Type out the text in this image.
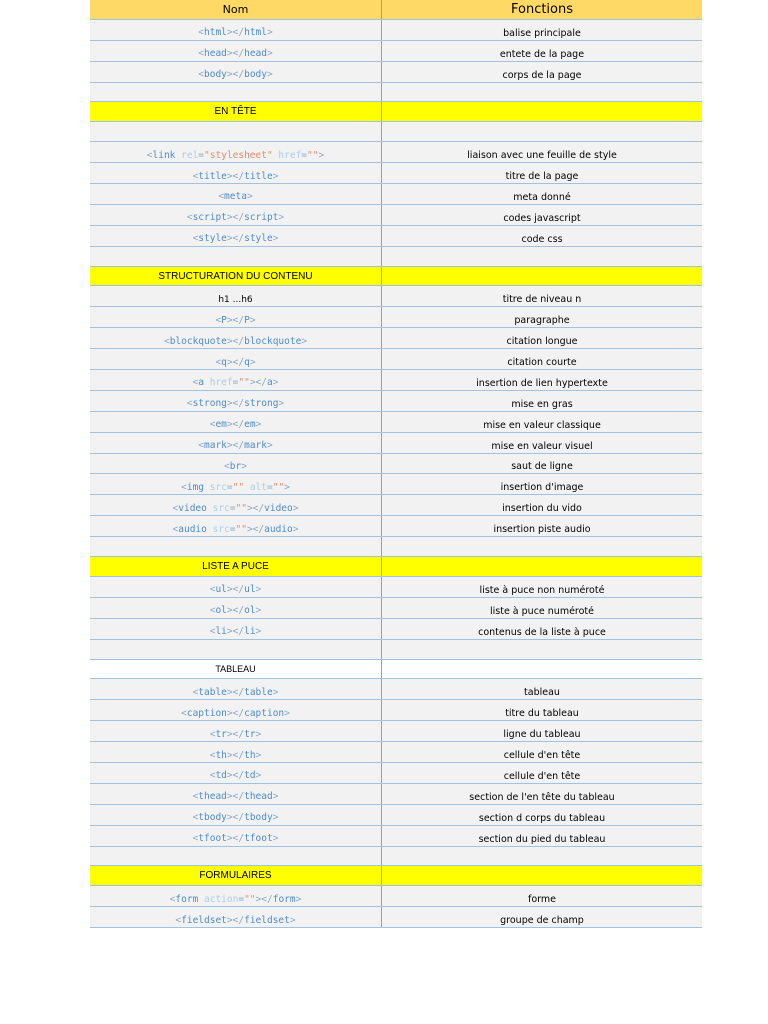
Nom	Fonctions
<html></html>	balise principale
<head></head>	entete de la page
<body></body>	corps de la page

EN TÊTE	

<link rel="stylesheet" href="">	liaison avec une feuille de style
<title></title>	titre de la page
<meta>	meta donné
<script></script>	codes javascript
<style></style>	code css

STRUCTURATION DU CONTENU	
h1 ...h6	titre de niveau n
<P></P>	paragraphe
<blockquote></blockquote>	citation longue
<q></q>	citation courte
<a href=""></a>	insertion de lien hypertexte
<strong></strong>	mise en gras
<em></em>	mise en valeur classique
<mark></mark>	mise en valeur visuel
<br>	saut de ligne
<img src="" alt="">	insertion d'image
<video src=""></video>	insertion du vido
<audio src=""></audio>	insertion piste audio

LISTE A PUCE	
<ul></ul>	liste à puce non numéroté
<ol></ol>	liste à puce numéroté
<li></li>	contenus de la liste à puce

TABLEAU	
<table></table>	tableau
<caption></caption>	titre du tableau
<tr></tr>	ligne du tableau
<th></th>	cellule d'en tête
<td></td>	cellule d'en tête
<thead></thead>	section de l'en tête du tableau
<tbody></tbody>	section d corps du tableau
<tfoot></tfoot>	section du pied du tableau

FORMULAIRES	
<form action=""></form>	forme
<fieldset></fieldset>	groupe de champ
